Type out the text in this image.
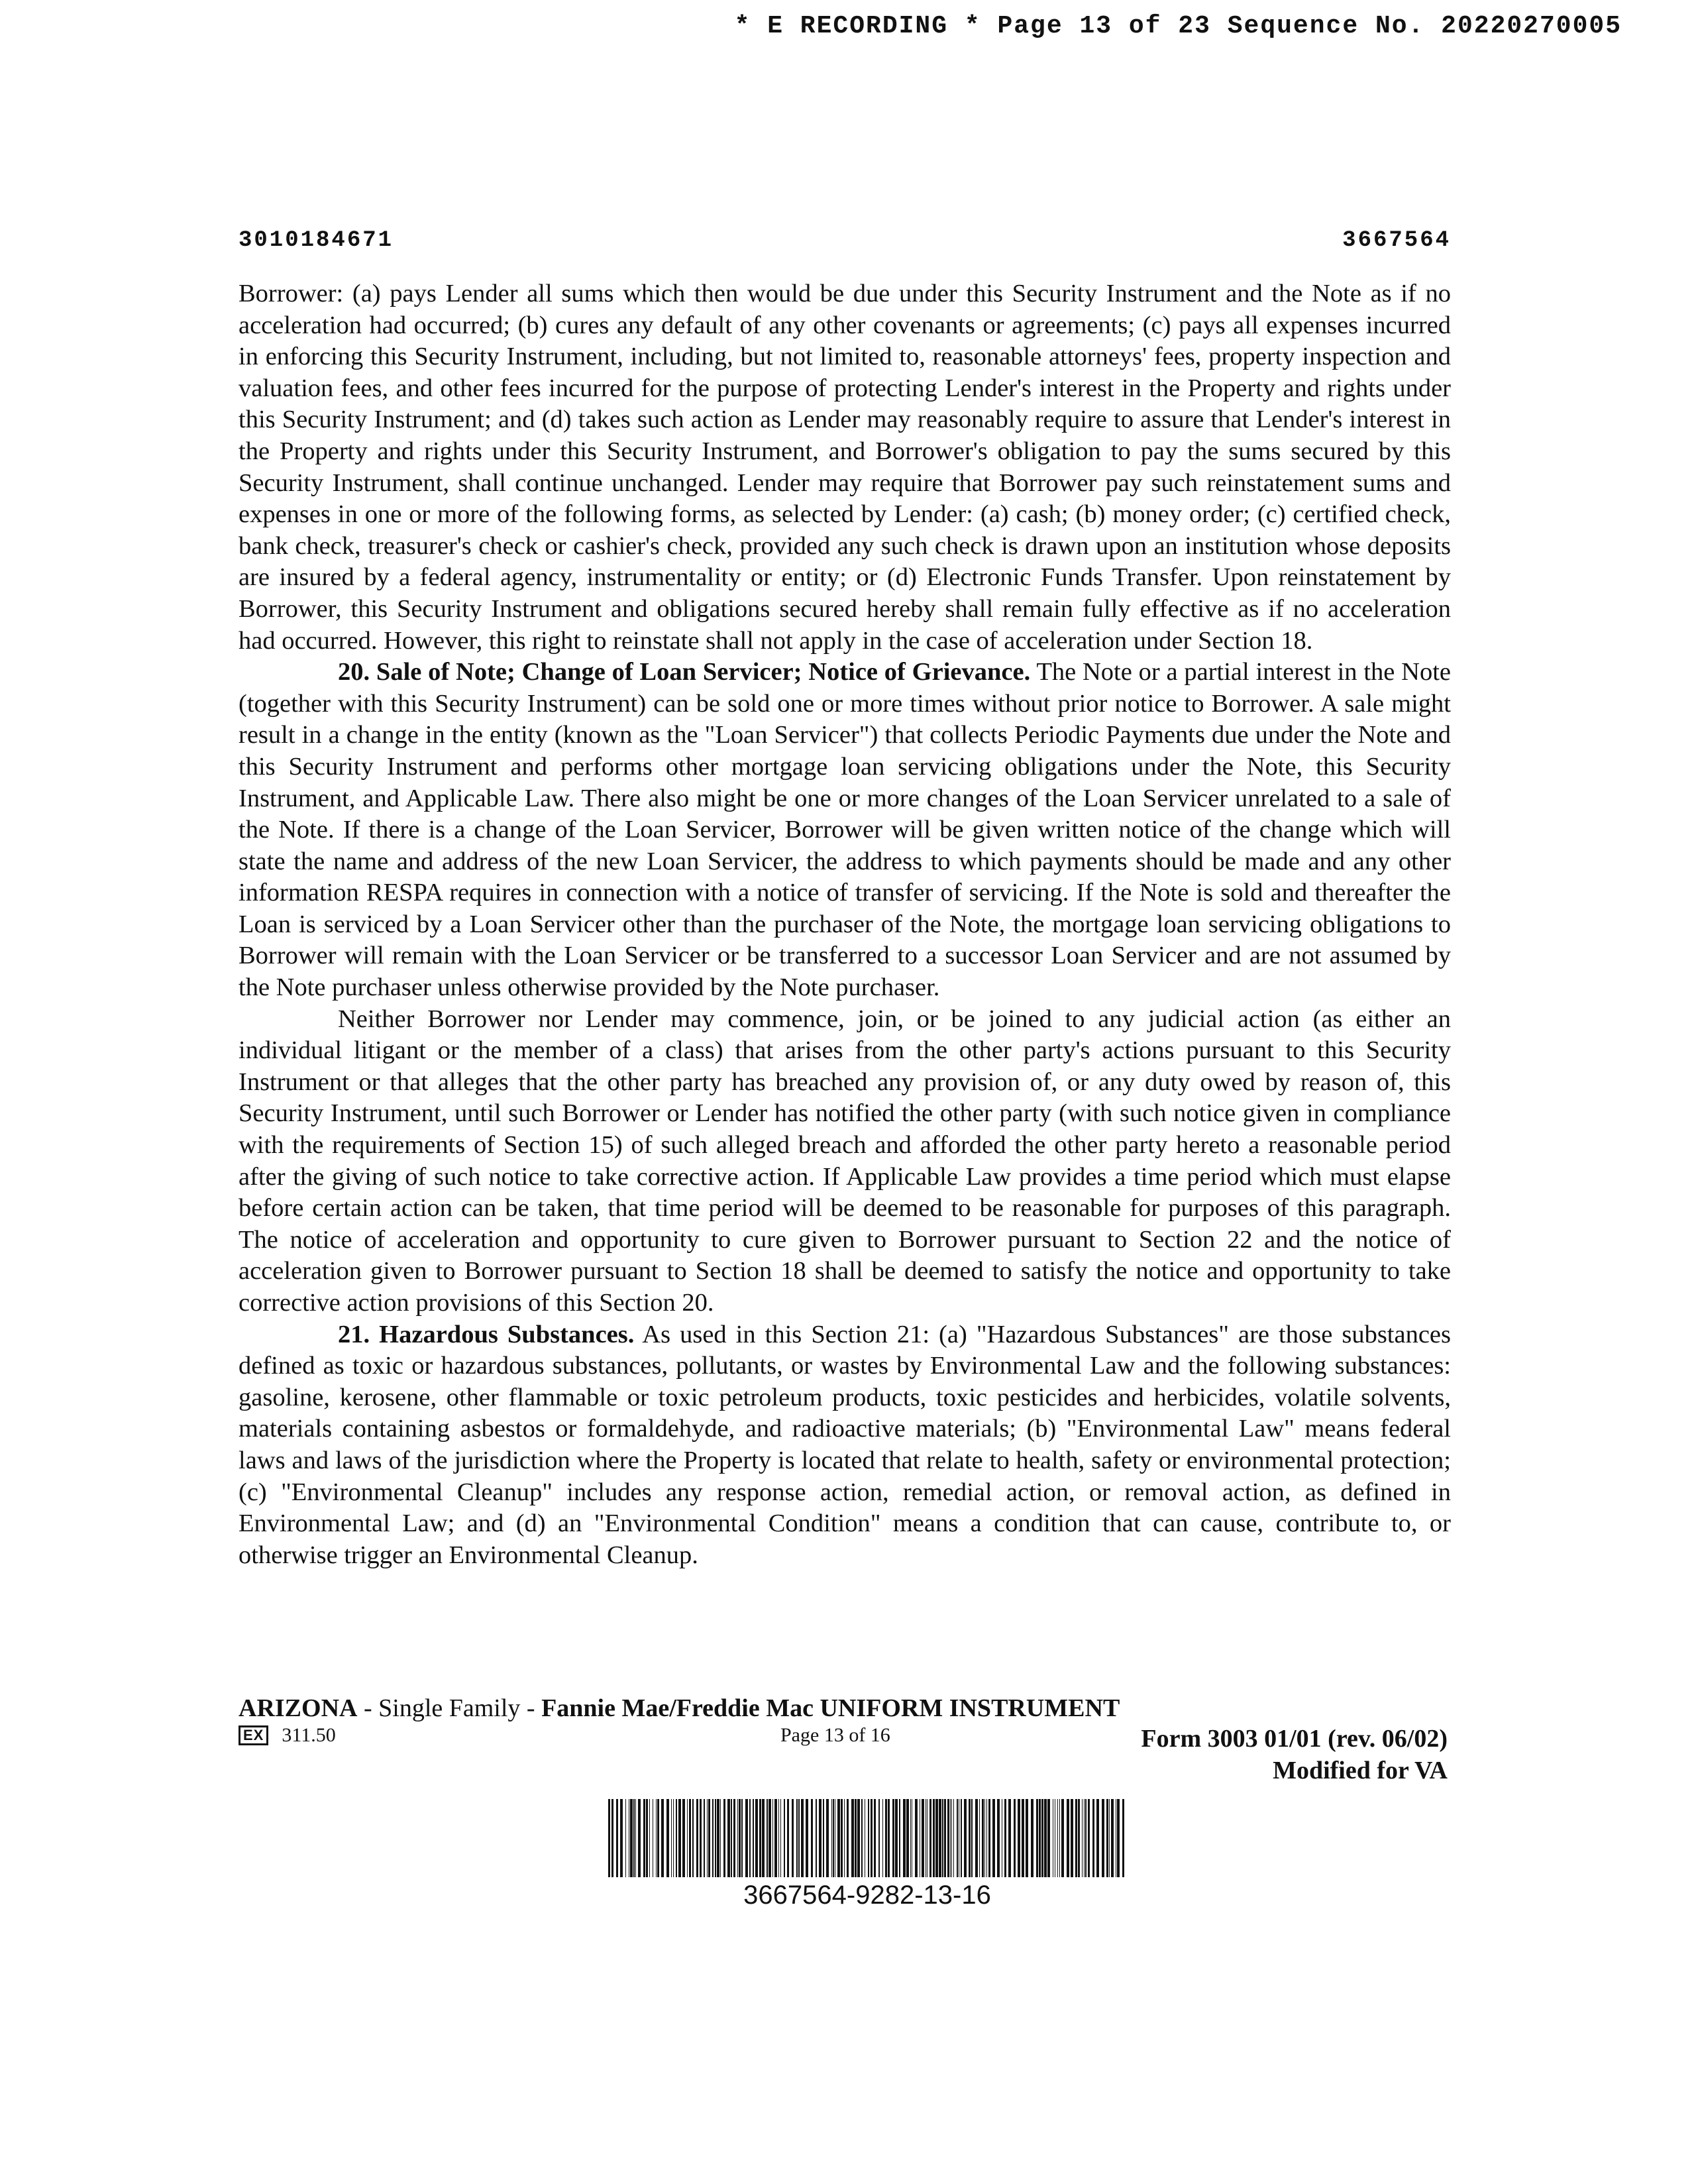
* E RECORDING * Page 13 of 23 Sequence No. 20220270005
3010184671	3667564

Borrower: (a) pays Lender all sums which then would be due under this Security Instrument and the Note as if no acceleration had occurred; (b) cures any default of any other covenants or agreements; (c) pays all expenses incurred in enforcing this Security Instrument, including, but not limited to, reasonable attorneys' fees, property inspection and valuation fees, and other fees incurred for the purpose of protecting Lender's interest in the Property and rights under this Security Instrument; and (d) takes such action as Lender may reasonably require to assure that Lender's interest in the Property and rights under this Security Instrument, and Borrower's obligation to pay the sums secured by this Security Instrument, shall continue unchanged. Lender may require that Borrower pay such reinstatement sums and expenses in one or more of the following forms, as selected by Lender: (a) cash; (b) money order; (c) certified check, bank check, treasurer's check or cashier's check, provided any such check is drawn upon an institution whose deposits are insured by a federal agency, instrumentality or entity; or (d) Electronic Funds Transfer. Upon reinstatement by Borrower, this Security Instrument and obligations secured hereby shall remain fully effective as if no acceleration had occurred. However, this right to reinstate shall not apply in the case of acceleration under Section 18.

20. Sale of Note; Change of Loan Servicer; Notice of Grievance. The Note or a partial interest in the Note (together with this Security Instrument) can be sold one or more times without prior notice to Borrower. A sale might result in a change in the entity (known as the "Loan Servicer") that collects Periodic Payments due under the Note and this Security Instrument and performs other mortgage loan servicing obligations under the Note, this Security Instrument, and Applicable Law. There also might be one or more changes of the Loan Servicer unrelated to a sale of the Note. If there is a change of the Loan Servicer, Borrower will be given written notice of the change which will state the name and address of the new Loan Servicer, the address to which payments should be made and any other information RESPA requires in connection with a notice of transfer of servicing. If the Note is sold and thereafter the Loan is serviced by a Loan Servicer other than the purchaser of the Note, the mortgage loan servicing obligations to Borrower will remain with the Loan Servicer or be transferred to a successor Loan Servicer and are not assumed by the Note purchaser unless otherwise provided by the Note purchaser.

Neither Borrower nor Lender may commence, join, or be joined to any judicial action (as either an individual litigant or the member of a class) that arises from the other party's actions pursuant to this Security Instrument or that alleges that the other party has breached any provision of, or any duty owed by reason of, this Security Instrument, until such Borrower or Lender has notified the other party (with such notice given in compliance with the requirements of Section 15) of such alleged breach and afforded the other party hereto a reasonable period after the giving of such notice to take corrective action. If Applicable Law provides a time period which must elapse before certain action can be taken, that time period will be deemed to be reasonable for purposes of this paragraph. The notice of acceleration and opportunity to cure given to Borrower pursuant to Section 22 and the notice of acceleration given to Borrower pursuant to Section 18 shall be deemed to satisfy the notice and opportunity to take corrective action provisions of this Section 20.

21. Hazardous Substances. As used in this Section 21: (a) "Hazardous Substances" are those substances defined as toxic or hazardous substances, pollutants, or wastes by Environmental Law and the following substances: gasoline, kerosene, other flammable or toxic petroleum products, toxic pesticides and herbicides, volatile solvents, materials containing asbestos or formaldehyde, and radioactive materials; (b) "Environmental Law" means federal laws and laws of the jurisdiction where the Property is located that relate to health, safety or environmental protection; (c) "Environmental Cleanup" includes any response action, remedial action, or removal action, as defined in Environmental Law; and (d) an "Environmental Condition" means a condition that can cause, contribute to, or otherwise trigger an Environmental Cleanup.

ARIZONA - Single Family - Fannie Mae/Freddie Mac UNIFORM INSTRUMENT
EX 311.50	Page 13 of 16	Form 3003 01/01 (rev. 06/02)
Modified for VA
3667564-9282-13-16
